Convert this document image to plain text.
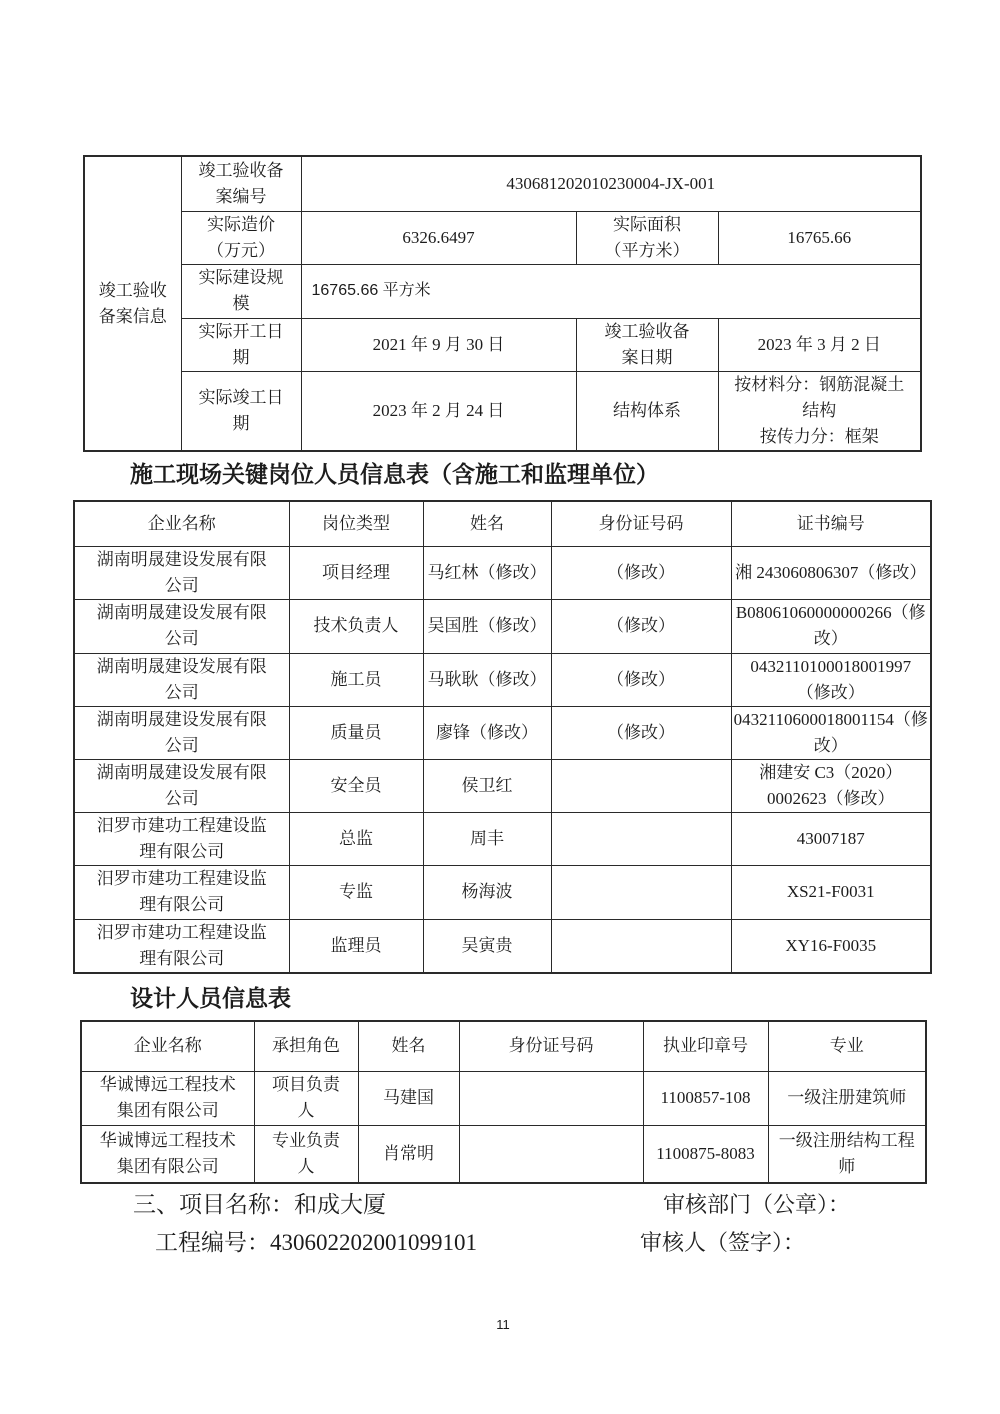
竣工验收备案信息	竣工验收备案编号	430681202010230004-JX-001		
	实际造价（万元）	6326.6497	实际面积（平方米）	16765.66
	实际建设规模	16765.66 平方米		
	实际开工日期	2021 年 9 月 30 日	竣工验收备案日期	2023 年 3 月 2 日
	实际竣工日期	2023 年 2 月 24 日	结构体系	按材料分：钢筋混凝土结构
按传力分：框架
施工现场关键岗位人员信息表（含施工和监理单位）
企业名称	岗位类型	姓名	身份证号码	证书编号
湖南明晟建设发展有限公司	项目经理	马红林（修改）	（修改）	湘 243060806307（修改）
湖南明晟建设发展有限公司	技术负责人	吴国胜（修改）	（修改）	B08061060000000266（修改）
湖南明晟建设发展有限公司	施工员	马耿耿（修改）	（修改）	0432110100018001997（修改）
湖南明晟建设发展有限公司	质量员	廖锋（修改）	（修改）	0432110600018001154（修改）
湖南明晟建设发展有限公司	安全员	侯卫红		湘建安 C3（2020）0002623（修改）
汨罗市建功工程建设监理有限公司	总监	周丰		43007187
汨罗市建功工程建设监理有限公司	专监	杨海波		XS21-F0031
汨罗市建功工程建设监理有限公司	监理员	吴寅贵		XY16-F0035
设计人员信息表
企业名称	承担角色	姓名	身份证号码	执业印章号	专业
华诚博远工程技术集团有限公司	项目负责人	马建国		1100857-108	一级注册建筑师
华诚博远工程技术集团有限公司	专业负责人	肖常明		1100875-8083	一级注册结构工程师
三、项目名称：和成大厦	审核部门（公章）：
工程编号：430602202001099101	审核人（签字）：
11
